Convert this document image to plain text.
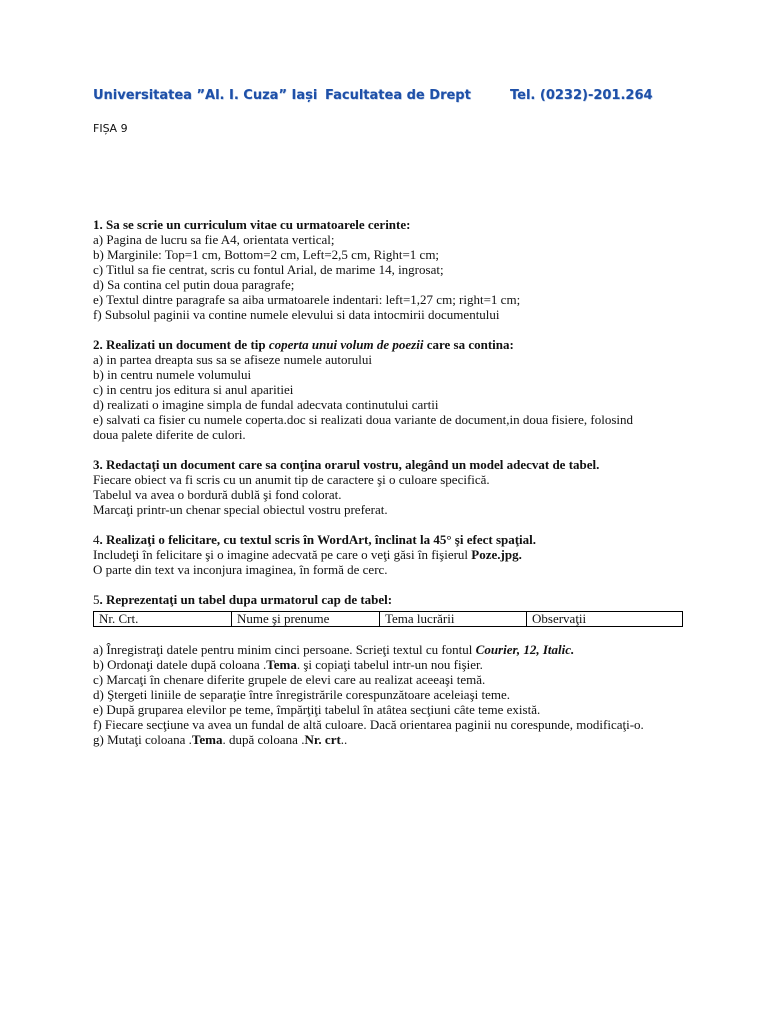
Universitatea ”Al. I. Cuza” Iași Facultatea de Drept	Tel. (0232)-201.264
FIȘA 9

1. Sa se scrie un curriculum vitae cu urmatoarele cerinte:

a) Pagina de lucru sa fie A4, orientata vertical;

b) Marginile: Top=1 cm, Bottom=2 cm, Left=2,5 cm, Right=1 cm;

c) Titlul sa fie centrat, scris cu fontul Arial, de marime 14, ingrosat;

d) Sa contina cel putin doua paragrafe;

e) Textul dintre paragrafe sa aiba urmatoarele indentari: left=1,27 cm; right=1 cm;

f) Subsolul paginii va contine numele elevului si data intocmirii documentului

2. Realizati un document de tip coperta unui volum de poezii care sa contina:

a) in partea dreapta sus sa se afiseze numele autorului

b) in centru numele volumului

c) in centru jos editura si anul aparitiei

d) realizati o imagine simpla de fundal adecvata continutului cartii

e) salvati ca fisier cu numele coperta.doc si realizati doua variante de document,in doua fisiere, folosind doua palete diferite de culori.

3. Redactaţi un document care sa conţina orarul vostru, alegând un model adecvat de tabel.

Fiecare obiect va fi scris cu un anumit tip de caractere şi o culoare specifică.

Tabelul va avea o bordură dublă şi fond colorat.

Marcaţi printr-un chenar special obiectul vostru preferat.

4. Realizaţi o felicitare, cu textul scris în WordArt, înclinat la 45° şi efect spaţial.

Includeţi în felicitare şi o imagine adecvată pe care o veţi găsi în fişierul Poze.jpg.

O parte din text va inconjura imaginea, în formă de cerc.

5. Reprezentaţi un tabel dupa urmatorul cap de tabel:

Nr. Crt.	Nume şi prenume	Tema lucrării	Observaţii

a) Înregistraţi datele pentru minim cinci persoane. Scrieţi textul cu fontul Courier, 12, Italic.

b) Ordonaţi datele după coloana .Tema. şi copiaţi tabelul intr-un nou fişier.

c) Marcaţi în chenare diferite grupele de elevi care au realizat aceeaşi temă.

d) Ştergeti liniile de separaţie între înregistrările corespunzătoare aceleiaşi teme.

e) După gruparea elevilor pe teme, împărţiţi tabelul în atâtea secţiuni câte teme există.

f) Fiecare secţiune va avea un fundal de altă culoare. Dacă orientarea paginii nu corespunde, modificaţi-o.

g) Mutaţi coloana .Tema. după coloana .Nr. crt..
